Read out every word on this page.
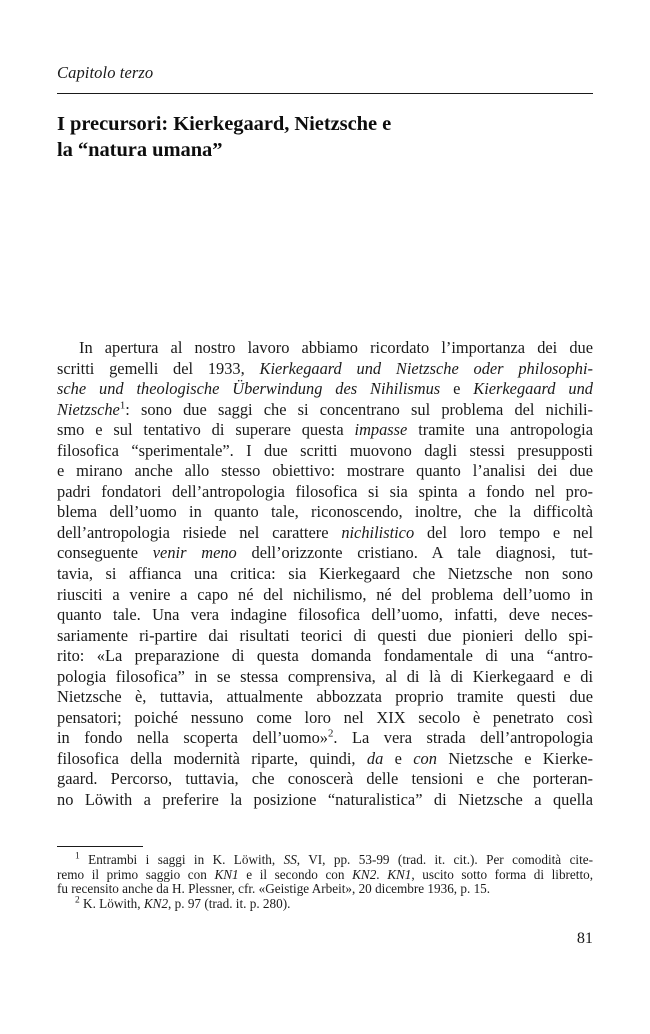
Capitolo terzo
I precursori: Kierkegaard, Nietzsche e
la “natura umana”

In apertura al nostro lavoro abbiamo ricordato l’importanza dei due
scritti gemelli del 1933, Kierkegaard und Nietzsche oder philosophi-
sche und theologische Überwindung des Nihilismus e Kierkegaard und
Nietzsche$^1$: sono due saggi che si concentrano sul problema del nichili-
smo e sul tentativo di superare questa impasse tramite una antropologia
filosofica “sperimentale”. I due scritti muovono dagli stessi presupposti
e mirano anche allo stesso obiettivo: mostrare quanto l’analisi dei due
padri fondatori dell’antropologia filosofica si sia spinta a fondo nel pro-
blema dell’uomo in quanto tale, riconoscendo, inoltre, che la difficoltà
dell’antropologia risiede nel carattere nichilistico del loro tempo e nel
conseguente venir meno dell’orizzonte cristiano. A tale diagnosi, tut-
tavia, si affianca una critica: sia Kierkegaard che Nietzsche non sono
riusciti a venire a capo né del nichilismo, né del problema dell’uomo in
quanto tale. Una vera indagine filosofica dell’uomo, infatti, deve neces-
sariamente ri-partire dai risultati teorici di questi due pionieri dello spi-
rito: «La preparazione di questa domanda fondamentale di una “antro-
pologia filosofica” in se stessa comprensiva, al di là di Kierkegaard e di
Nietzsche è, tuttavia, attualmente abbozzata proprio tramite questi due
pensatori; poiché nessuno come loro nel XIX secolo è penetrato così
in fondo nella scoperta dell’uomo»$^2$. La vera strada dell’antropologia
filosofica della modernità riparte, quindi, da e con Nietzsche e Kierke-
gaard. Percorso, tuttavia, che conoscerà delle tensioni e che porteran-
no Löwith a preferire la posizione “naturalistica” di Nietzsche a quella

$^1$ Entrambi i saggi in K. Löwith, SS, VI, pp. 53-99 (trad. it. cit.). Per comodità cite-
remo il primo saggio con KN1 e il secondo con KN2. KN1, uscito sotto forma di libretto,
fu recensito anche da H. Plessner, cfr. «Geistige Arbeit», 20 dicembre 1936, p. 15.

$^2$ K. Löwith, KN2, p. 97 (trad. it. p. 280).

81
